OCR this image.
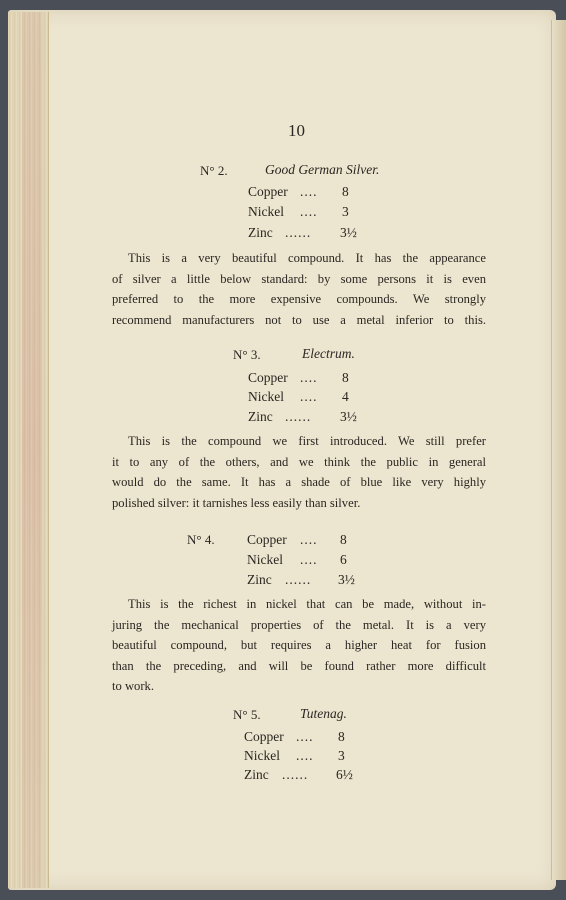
10
N° 2.	Good German Silver.
Copper .... 8
Nickel .... 3
Zinc ...... 3½
This is a very beautiful compound. It has the appearance
of silver a little below standard: by some persons it is even
preferred to the more expensive compounds. We strongly
recommend manufacturers not to use a metal inferior to this.
N° 3.	Electrum.
Copper .... 8
Nickel .... 4
Zinc ...... 3½
This is the compound we first introduced. We still prefer
it to any of the others, and we think the public in general
would do the same. It has a shade of blue like very highly
polished silver: it tarnishes less easily than silver.
N° 4. Copper .... 8
Nickel .... 6
Zinc ...... 3½
This is the richest in nickel that can be made, without in-
juring the mechanical properties of the metal. It is a very
beautiful compound, but requires a higher heat for fusion
than the preceding, and will be found rather more difficult
to work.
N° 5.	Tutenag.
Copper .... 8
Nickel .... 3
Zinc ...... 6½
